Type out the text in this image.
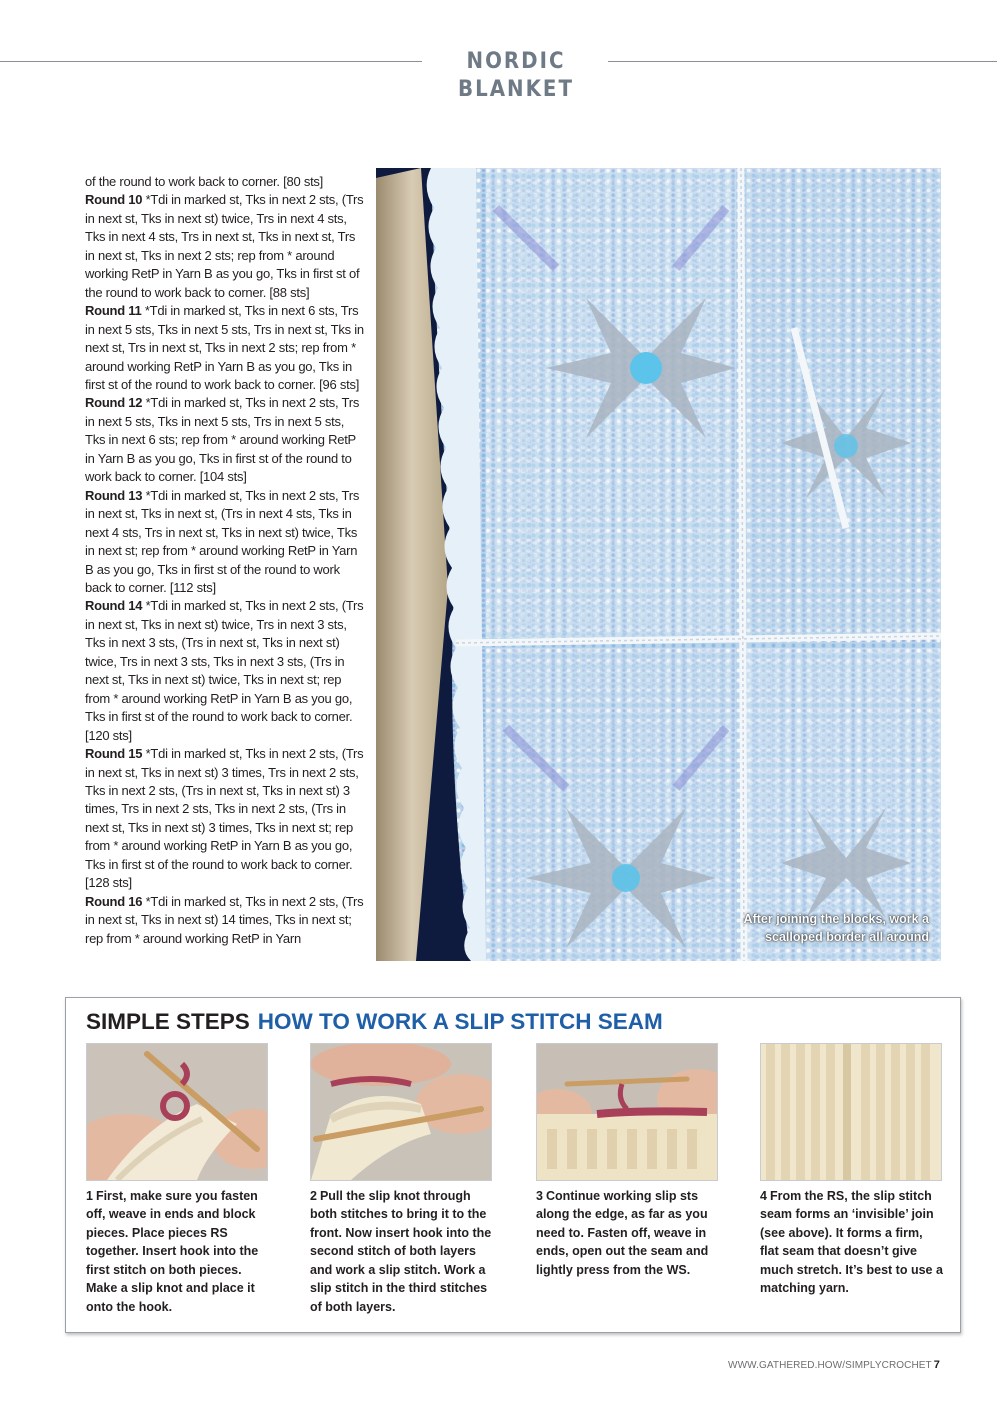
NORDIC BLANKET

of the round to work back to corner. [80 sts]

Round 10 *Tdi in marked st, Tks in next 2 sts, (Trs in next st, Tks in next st) twice, Trs in next 4 sts, Tks in next 4 sts, Trs in next st, Tks in next st, Trs in next st, Tks in next 2 sts; rep from * around working RetP in Yarn B as you go, Tks in first st of the round to work back to corner. [88 sts]

Round 11 *Tdi in marked st, Tks in next 6 sts, Trs in next 5 sts, Tks in next 5 sts, Trs in next st, Tks in next st, Trs in next st, Tks in next 2 sts; rep from * around working RetP in Yarn B as you go, Tks in first st of the round to work back to corner. [96 sts]

Round 12 *Tdi in marked st, Tks in next 2 sts, Trs in next 5 sts, Tks in next 5 sts, Trs in next 5 sts, Tks in next 6 sts; rep from * around working RetP in Yarn B as you go, Tks in first st of the round to work back to corner. [104 sts]

Round 13 *Tdi in marked st, Tks in next 2 sts, Trs in next st, Tks in next st, (Trs in next 4 sts, Tks in next 4 sts, Trs in next st, Tks in next st) twice, Tks in next st; rep from * around working RetP in Yarn B as you go, Tks in first st of the round to work back to corner. [112 sts]

Round 14 *Tdi in marked st, Tks in next 2 sts, (Trs in next st, Tks in next st) twice, Trs in next 3 sts, Tks in next 3 sts, (Trs in next st, Tks in next st) twice, Trs in next 3 sts, Tks in next 3 sts, (Trs in next st, Tks in next st) twice, Tks in next st; rep from * around working RetP in Yarn B as you go, Tks in first st of the round to work back to corner. [120 sts]

Round 15 *Tdi in marked st, Tks in next 2 sts, (Trs in next st, Tks in next st) 3 times, Trs in next 2 sts, Tks in next 2 sts, (Trs in next st, Tks in next st) 3 times, Trs in next 2 sts, Tks in next 2 sts, (Trs in next st, Tks in next st) 3 times, Tks in next st; rep from * around working RetP in Yarn B as you go, Tks in first st of the round to work back to corner. [128 sts]

Round 16 *Tdi in marked st, Tks in next 2 sts, (Trs in next st, Tks in next st) 14 times, Tks in next st; rep from * around working RetP in Yarn

After joining the blocks, work a scalloped border all around
SIMPLE STEPS HOW TO WORK A SLIP STITCH SEAM
1 First, make sure you fasten off, weave in ends and block pieces. Place pieces RS together. Insert hook into the first stitch on both pieces. Make a slip knot and place it onto the hook.
2 Pull the slip knot through both stitches to bring it to the front. Now insert hook into the second stitch of both layers and work a slip stitch. Work a slip stitch in the third stitches of both layers.
3 Continue working slip sts along the edge, as far as you need to. Fasten off, weave in ends, open out the seam and lightly press from the WS.
4 From the RS, the slip stitch seam forms an ‘invisible’ join (see above). It forms a firm, flat seam that doesn’t give much stretch. It’s best to use a matching yarn.
WWW.GATHERED.HOW/SIMPLYCROCHET 7
